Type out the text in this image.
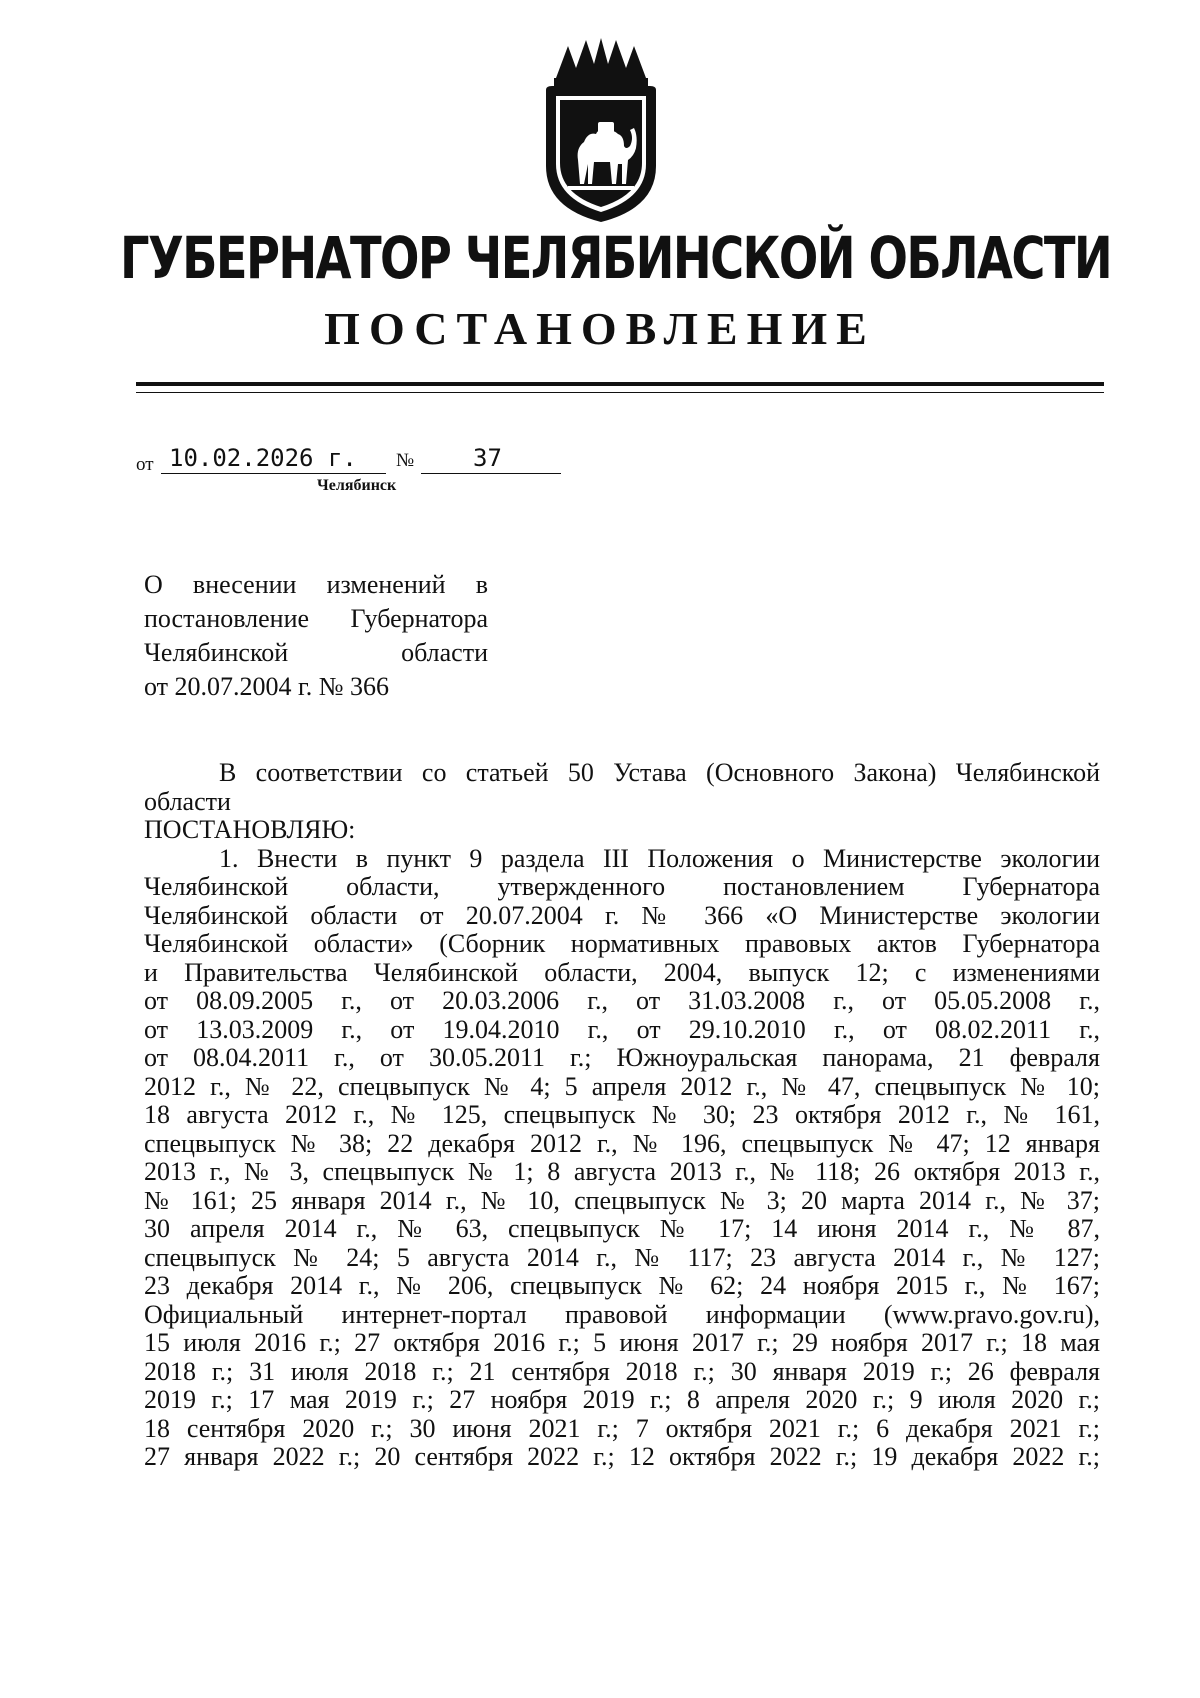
ГУБЕРНАТОР ЧЕЛЯБИНСКОЙ ОБЛАСТИ
ПОСТАНОВЛЕНИЕ
от 10.02.2026 г.	№	37
Челябинск
О внесении изменений в
постановление Губернатора
Челябинской области
от 20.07.2004 г. № 366
В соответствии со статьей 50 Устава (Основного Закона) Челябинской
области
ПОСТАНОВЛЯЮ:
1. Внести в пункт 9 раздела III Положения о Министерстве экологии
Челябинской области, утвержденного постановлением Губернатора
Челябинской области от 20.07.2004 г. № 366 «О Министерстве экологии
Челябинской области» (Сборник нормативных правовых актов Губернатора
и Правительства Челябинской области, 2004, выпуск 12; с изменениями
от 08.09.2005 г., от 20.03.2006 г., от 31.03.2008 г., от 05.05.2008 г.,
от 13.03.2009 г., от 19.04.2010 г., от 29.10.2010 г., от 08.02.2011 г.,
от 08.04.2011 г., от 30.05.2011 г.; Южноуральская панорама, 21 февраля
2012 г., № 22, спецвыпуск № 4; 5 апреля 2012 г., № 47, спецвыпуск № 10;
18 августа 2012 г., № 125, спецвыпуск № 30; 23 октября 2012 г., № 161,
спецвыпуск № 38; 22 декабря 2012 г., № 196, спецвыпуск № 47; 12 января
2013 г., № 3, спецвыпуск № 1; 8 августа 2013 г., № 118; 26 октября 2013 г.,
№ 161; 25 января 2014 г., № 10, спецвыпуск № 3; 20 марта 2014 г., № 37;
30 апреля 2014 г., № 63, спецвыпуск № 17; 14 июня 2014 г., № 87,
спецвыпуск № 24; 5 августа 2014 г., № 117; 23 августа 2014 г., № 127;
23 декабря 2014 г., № 206, спецвыпуск № 62; 24 ноября 2015 г., № 167;
Официальный интернет-портал правовой информации (www.pravo.gov.ru),
15 июля 2016 г.; 27 октября 2016 г.; 5 июня 2017 г.; 29 ноября 2017 г.; 18 мая
2018 г.; 31 июля 2018 г.; 21 сентября 2018 г.; 30 января 2019 г.; 26 февраля
2019 г.; 17 мая 2019 г.; 27 ноября 2019 г.; 8 апреля 2020 г.; 9 июля 2020 г.;
18 сентября 2020 г.; 30 июня 2021 г.; 7 октября 2021 г.; 6 декабря 2021 г.;
27 января 2022 г.; 20 сентября 2022 г.; 12 октября 2022 г.; 19 декабря 2022 г.;
